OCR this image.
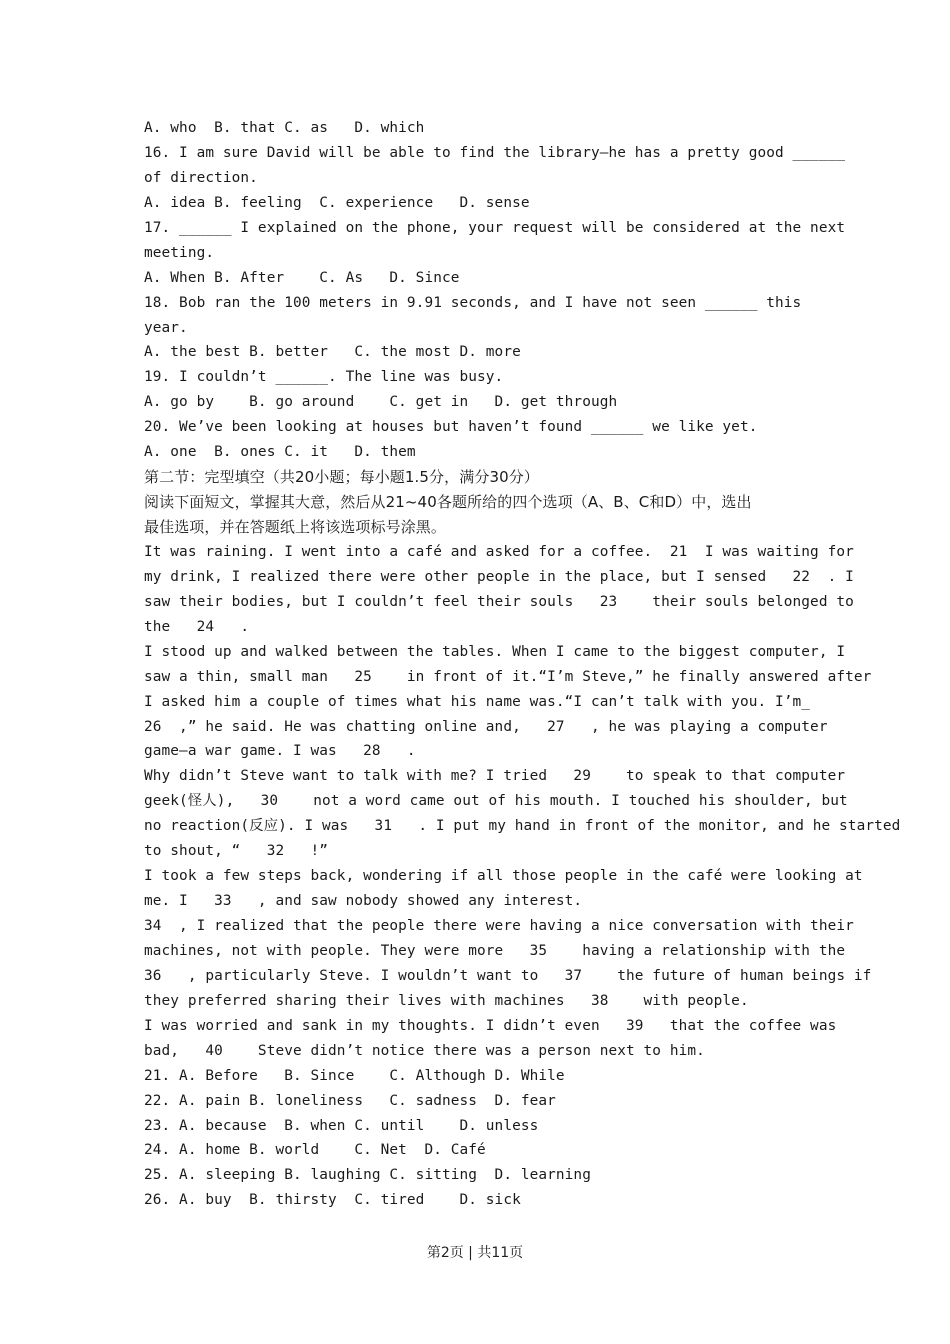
A. who  B. that C. as   D. which
16. I am sure David will be able to find the library—he has a pretty good ______
of direction.
A. idea B. feeling  C. experience   D. sense
17. ______ I explained on the phone, your request will be considered at the next
meeting.
A. When B. After    C. As   D. Since
18. Bob ran the 100 meters in 9.91 seconds, and I have not seen ______ this
year.
A. the best B. better   C. the most D. more
19. I couldn’t ______. The line was busy.
A. go by    B. go around    C. get in   D. get through
20. We’ve been looking at houses but haven’t found ______ we like yet.
A. one  B. ones C. it   D. them
第二节：完型填空（共20小题；每小题1.5分，满分30分）
阅读下面短文，掌握其大意，然后从21~40各题所给的四个选项（A、B、C和D）中，选出
最佳选项，并在答题纸上将该选项标号涂黑。
It was raining. I went into a café and asked for a coffee.  21  I was waiting for
my drink, I realized there were other people in the place, but I sensed   22  . I
saw their bodies, but I couldn’t feel their souls   23    their souls belonged to
the   24   .
I stood up and walked between the tables. When I came to the biggest computer, I
saw a thin, small man   25    in front of it.“I’m Steve,” he finally answered after
I asked him a couple of times what his name was.“I can’t talk with you. I’m_
26  ,” he said. He was chatting online and,   27   , he was playing a computer
game—a war game. I was   28   .
Why didn’t Steve want to talk with me? I tried   29    to speak to that computer
geek(怪人),   30    not a word came out of his mouth. I touched his shoulder, but
no reaction(反应). I was   31   . I put my hand in front of the monitor, and he started
to shout, “   32   !”
I took a few steps back, wondering if all those people in the café were looking at
me. I   33   , and saw nobody showed any interest.
34  , I realized that the people there were having a nice conversation with their
machines, not with people. They were more   35    having a relationship with the
36   , particularly Steve. I wouldn’t want to   37    the future of human beings if
they preferred sharing their lives with machines   38    with people.
I was worried and sank in my thoughts. I didn’t even   39   that the coffee was
bad,   40    Steve didn’t notice there was a person next to him.
21. A. Before   B. Since    C. Although D. While
22. A. pain B. loneliness   C. sadness  D. fear
23. A. because  B. when C. until    D. unless
24. A. home B. world    C. Net  D. Café
25. A. sleeping B. laughing C. sitting  D. learning
26. A. buy  B. thirsty  C. tired    D. sick
第2页 | 共11页
